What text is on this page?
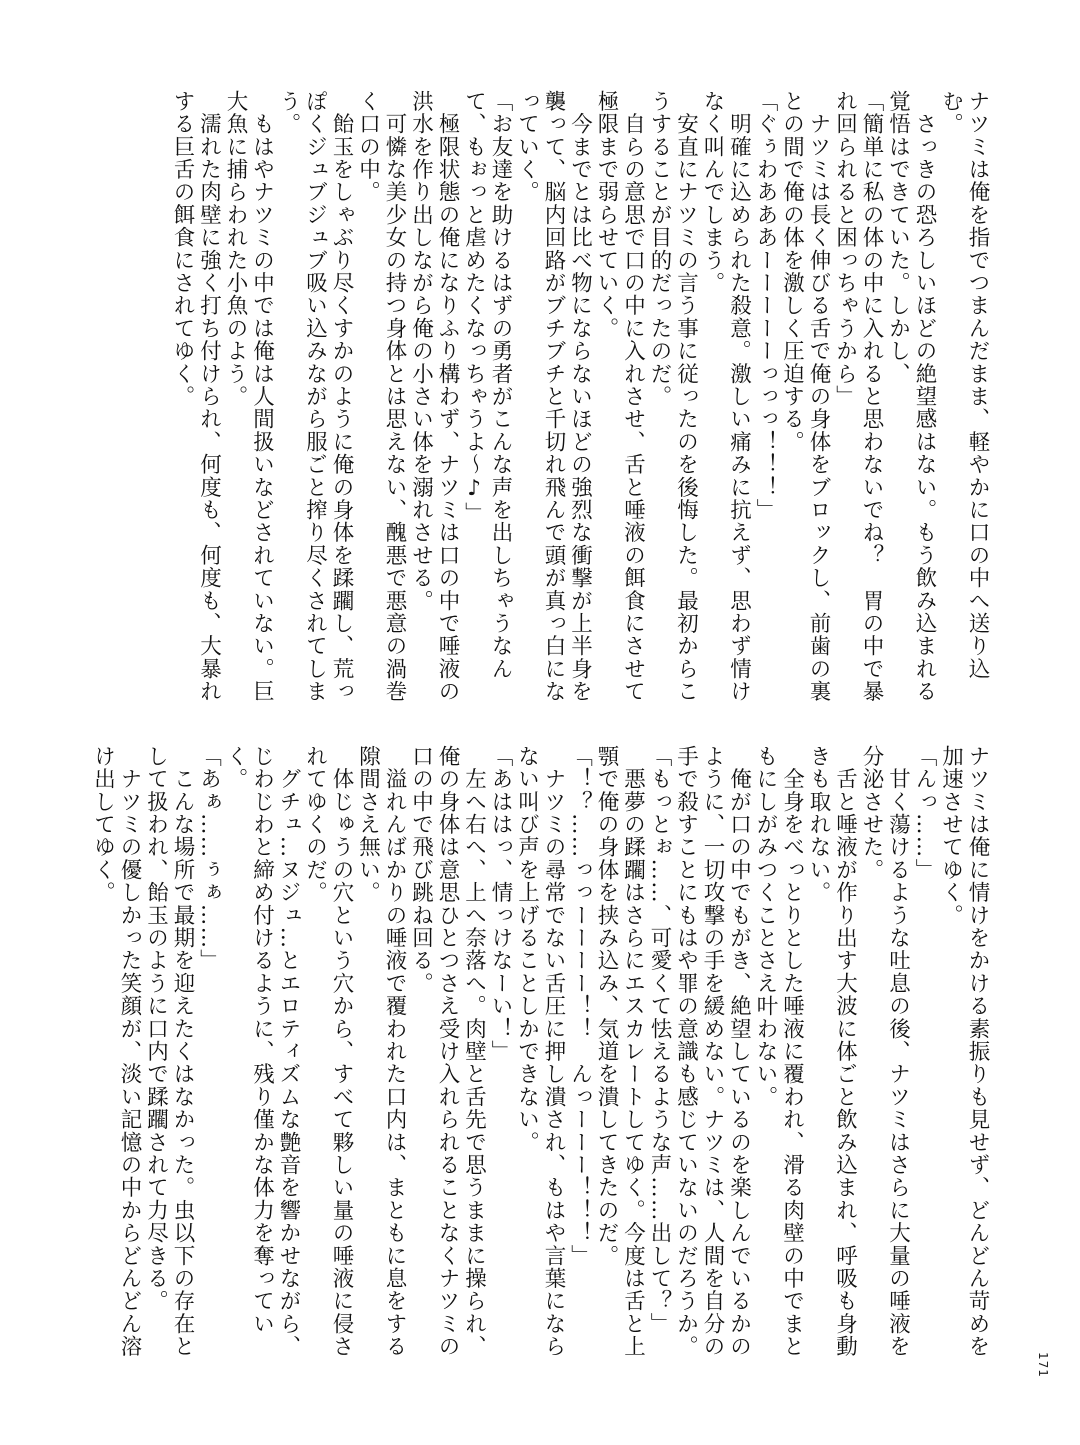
ナツミは俺を指でつまんだまま、軽やかに口の中へ送り込む。
　さっきの恐ろしいほどの絶望感はない。もう飲み込まれる覚悟はできていた。しかし、
「簡単に私の体の中に入れると思わないでね？　胃の中で暴れ回られると困っちゃうから」
　ナツミは長く伸びる舌で俺の身体をブロックし、前歯の裏との間で俺の体を激しく圧迫する。
「ぐぅわあああーーーーーっっっ！！！」
　明確に込められた殺意。激しい痛みに抗えず、思わず情けなく叫んでしまう。
　安直にナツミの言う事に従ったのを後悔した。最初からこうすることが目的だったのだ。
　自らの意思で口の中に入れさせ、舌と唾液の餌食にさせて極限まで弱らせていく。
　今までとは比べ物にならないほどの強烈な衝撃が上半身を襲って、脳内回路がブチブチと千切れ飛んで頭が真っ白になっていく。
「お友達を助けるはずの勇者がこんな声を出しちゃうなんて、もぉっと虐めたくなっちゃうよ〜♪」
　極限状態の俺になりふり構わず、ナツミは口の中で唾液の洪水を作り出しながら俺の小さい体を溺れさせる。
　可憐な美少女の持つ身体とは思えない、醜悪で悪意の渦巻く口の中。
　飴玉をしゃぶり尽くすかのように俺の身体を蹂躙し、荒っぽくジュブジュブ吸い込みながら服ごと搾り尽くされてしまう。
　もはやナツミの中では俺は人間扱いなどされていない。巨大魚に捕らわれた小魚のよう。
　濡れた肉壁に強く打ち付けられ、何度も、何度も、大暴れする巨舌の餌食にされてゆく。
ナツミは俺に情けをかける素振りも見せず、どんどん苛めを加速させてゆく。
「んっ……」
　甘く蕩けるような吐息の後、ナツミはさらに大量の唾液を分泌させた。
　舌と唾液が作り出す大波に体ごと飲み込まれ、呼吸も身動きも取れない。
　全身をべっとりとした唾液に覆われ、滑る肉壁の中でまともにしがみつくことさえ叶わない。
　俺が口の中でもがき、絶望しているのを楽しんでいるかのように、一切攻撃の手を緩めない。ナツミは、人間を自分の手で殺すことにもはや罪の意識も感じていないのだろうか。
「もっとぉ……、可愛くて怯えるような声……出して？」
　悪夢の蹂躙はさらにエスカレートしてゆく。今度は舌と上顎で俺の身体を挟み込み、気道を潰してきたのだ。
「！？……っっーーーー！！　んっーーー！！！」
　ナツミの尋常でない舌圧に押し潰され、もはや言葉にならない叫び声を上げることしかできない。
「あははっ、情っけなーい！」
　左へ右へ、上へ奈落へ。肉壁と舌先で思うままに操られ、俺の身体は意思ひとつさえ受け入れられることなくナツミの口の中で飛び跳ね回る。
　溢れんばかりの唾液で覆われた口内は、まともに息をする隙間さえ無い。
　体じゅうの穴という穴から、すべて夥しい量の唾液に侵されてゆくのだ。
　グチュ…ヌジュ…とエロティズムな艶音を響かせながら、じわじわと締め付けるように、残り僅かな体力を奪っていく。
「あぁ……ぅぁ……」
　こんな場所で最期を迎えたくはなかった。虫以下の存在として扱われ、飴玉のように口内で蹂躙されて力尽きる。
　ナツミの優しかった笑顔が、淡い記憶の中からどんどん溶け出してゆく。
171
